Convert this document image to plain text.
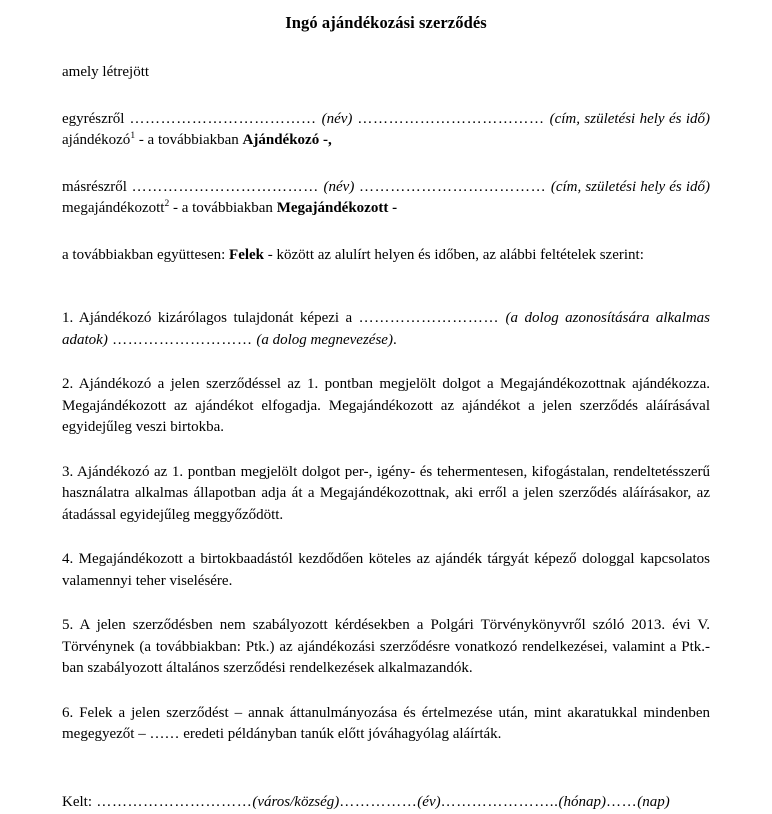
Ingó ajándékozási szerződés

amely létrejött

egyrészről ……………………………… (név) ……………………………… (cím, születési hely és idő) ajándékozó$^1$ - a továbbiakban Ajándékozó -,

másrészről ……………………………… (név) ……………………………… (cím, születési hely és idő) megajándékozott$^2$ - a továbbiakban Megajándékozott -

a továbbiakban együttesen: Felek - között az alulírt helyen és időben, az alábbi feltételek szerint:

1. Ajándékozó kizárólagos tulajdonát képezi a ……………………… (a dolog azonosítására alkalmas adatok) ……………………… (a dolog megnevezése).

2. Ajándékozó a jelen szerződéssel az 1. pontban megjelölt dolgot a Megajándékozottnak ajándékozza. Megajándékozott az ajándékot elfogadja. Megajándékozott az ajándékot a jelen szerződés aláírásával egyidejűleg veszi birtokba.

3. Ajándékozó az 1. pontban megjelölt dolgot per-, igény- és tehermentesen, kifogástalan, rendeltetésszerű használatra alkalmas állapotban adja át a Megajándékozottnak, aki erről a jelen szerződés aláírásakor, az átadással egyidejűleg meggyőződött.

4. Megajándékozott a birtokbaadástól kezdődően köteles az ajándék tárgyát képező dologgal kapcsolatos valamennyi teher viselésére.

5. A jelen szerződésben nem szabályozott kérdésekben a Polgári Törvénykönyvről szóló 2013. évi V. Törvénynek (a továbbiakban: Ptk.) az ajándékozási szerződésre vonatkozó rendelkezései, valamint a Ptk.-ban szabályozott általános szerződési rendelkezések alkalmazandók.

6. Felek a jelen szerződést – annak áttanulmányozása és értelmezése után, mint akaratukkal mindenben megegyezőt – …… eredeti példányban tanúk előtt jóváhagyólag aláírták.

Kelt: …………………………(város/község)……………(év)…………………..(hónap)……(nap)
